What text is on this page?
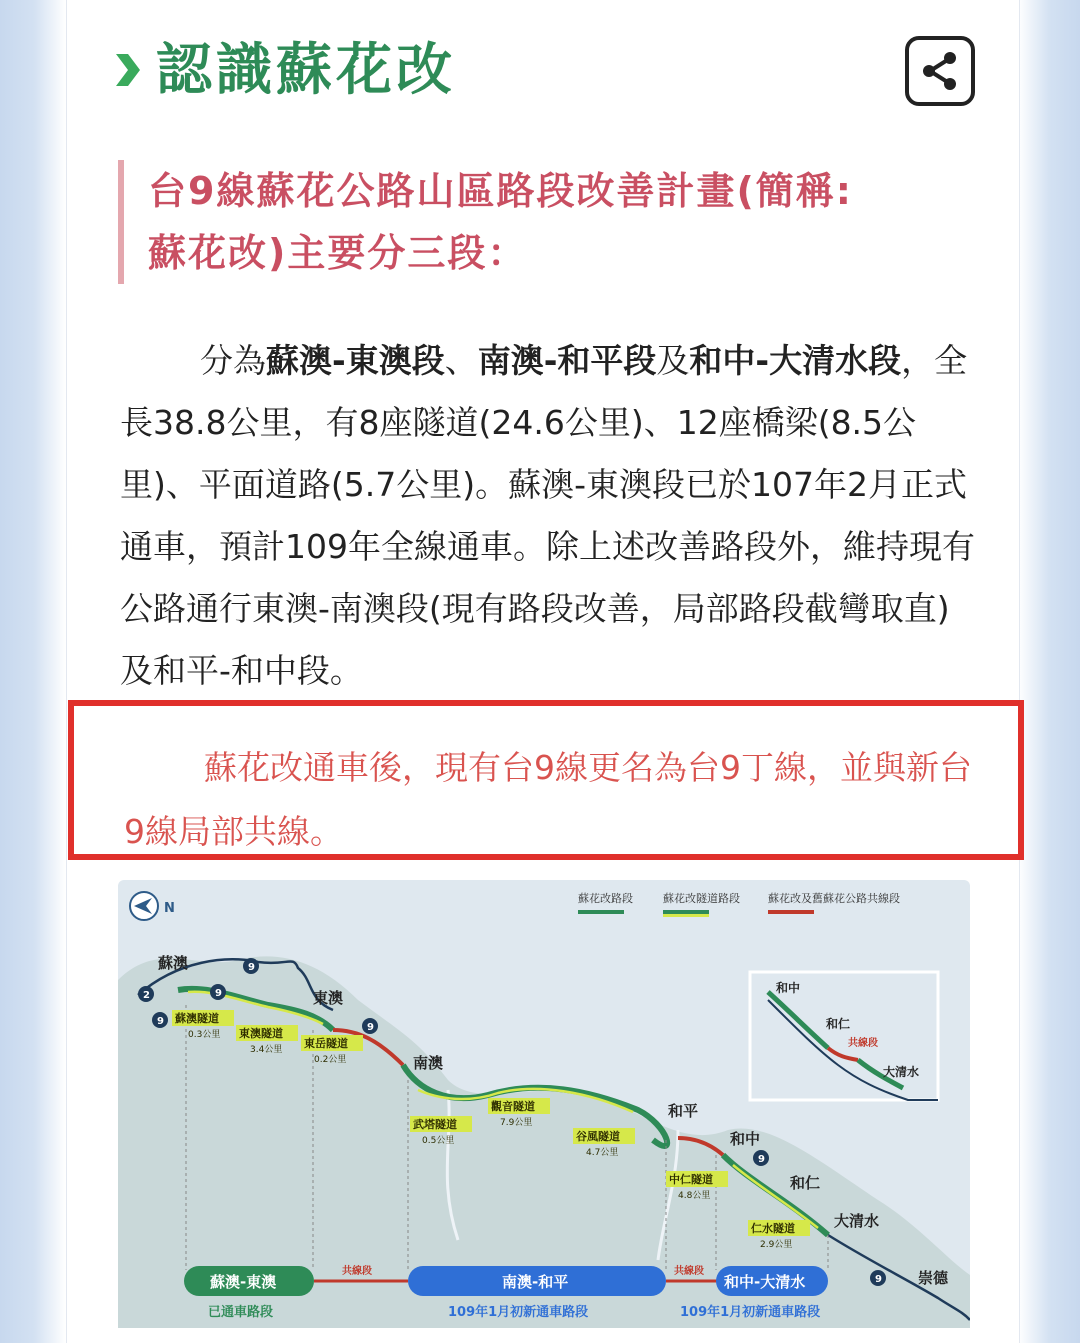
認識蘇花改
台9線蘇花公路山區路段改善計畫(簡稱:
蘇花改)主要分三段：
分為蘇澳-東澳段、南澳-和平段及和中-大清水段，全長38.8公里，有8座隧道(24.6公里)、12座橋梁(8.5公里)、平面道路(5.7公里)。蘇澳-東澳段已於107年2月正式通車，預計109年全線通車。除上述改善路段外，維持現有公路通行東澳-南澳段(現有路段改善，局部路段截彎取直)及和平-和中段。
蘇花改通車後，現有台9線更名為台9丁線，並與新台9線局部共線。
N
蘇花改路段	蘇花改隧道路段	蘇花改及舊蘇花公路共線段
蘇澳
東澳
南澳
和平
和中
和仁
大清水
崇德
蘇澳隧道
0.3公里 東澳隧道
3.4公里 東岳隧道
0.2公里
武塔隧道
0.5公里
觀音隧道
7.9公里
谷風隧道
4.7公里
中仁隧道
4.8公里
仁水隧道
2.9公里
9
2
9
9
9
9
9	和中
和仁
共線段
大清水
蘇澳-東澳
已通車路段
共線段
南澳-和平
109年1月初新通車路段
共線段
和中-大清水
109年1月初新通車路段
